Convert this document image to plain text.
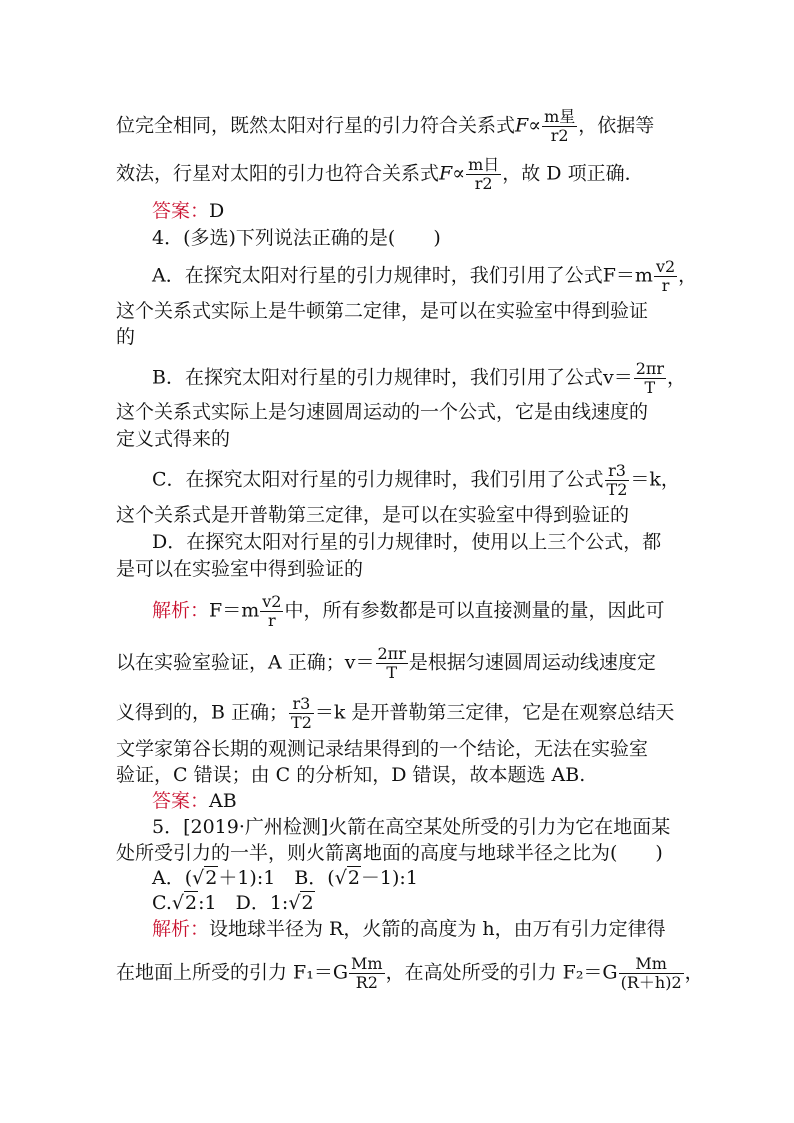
位完全相同，既然太阳对行星的引力符合关系式$F\propto \frac{\text{m星}}{r2}$ ，依据等
效法，行星对太阳的引力也符合关系式$F\propto \frac{\text{m日}}{r2}$ ，故 D 项正确．
答案：D
4．(多选)下列说法正确的是(　　)
A．在探究太阳对行星的引力规律时，我们引用了公式$F=m \frac{v2}{r}$ ，
这个关系式实际上是牛顿第二定律，是可以在实验室中得到验证
的
B．在探究太阳对行星的引力规律时，我们引用了公式$v= \frac{2\pi r}{T}$ ，
这个关系式实际上是匀速圆周运动的一个公式，它是由线速度的
定义式得来的
C．在探究太阳对行星的引力规律时，我们引用了公式 $\frac{r3}{T2} =k$，
这个关系式是开普勒第三定律，是可以在实验室中得到验证的
D．在探究太阳对行星的引力规律时，使用以上三个公式，都
是可以在实验室中得到验证的
解析：$F=m \frac{v2}{r}$ 中，所有参数都是可以直接测量的量，因此可
以在实验室验证，A 正确；$v= \frac{2\pi r}{T}$ 是根据匀速圆周运动线速度定
义得到的，B 正确； $\frac{r3}{T2} =k$ 是开普勒第三定律，它是在观察总结天
文学家第谷长期的观测记录结果得到的一个结论，无法在实验室
验证，C 错误；由 C 的分析知，D 错误，故本题选 AB.
答案：AB
5．[2019·广州检测]火箭在高空某处所受的引力为它在地面某
处所受引力的一半，则火箭离地面的高度与地球半径之比为(　　)
A．(√2＋1):1　B．(√2－1):1
C.√2:1　D．1:√2
解析：设地球半径为 R，火箭的高度为 h，由万有引力定律得
在地面上所受的引力 $F_1=G \frac{Mm}{R2}$ ，在高处所受的引力 $F_2=G \frac{Mm}{(R+h)2}$ ，
